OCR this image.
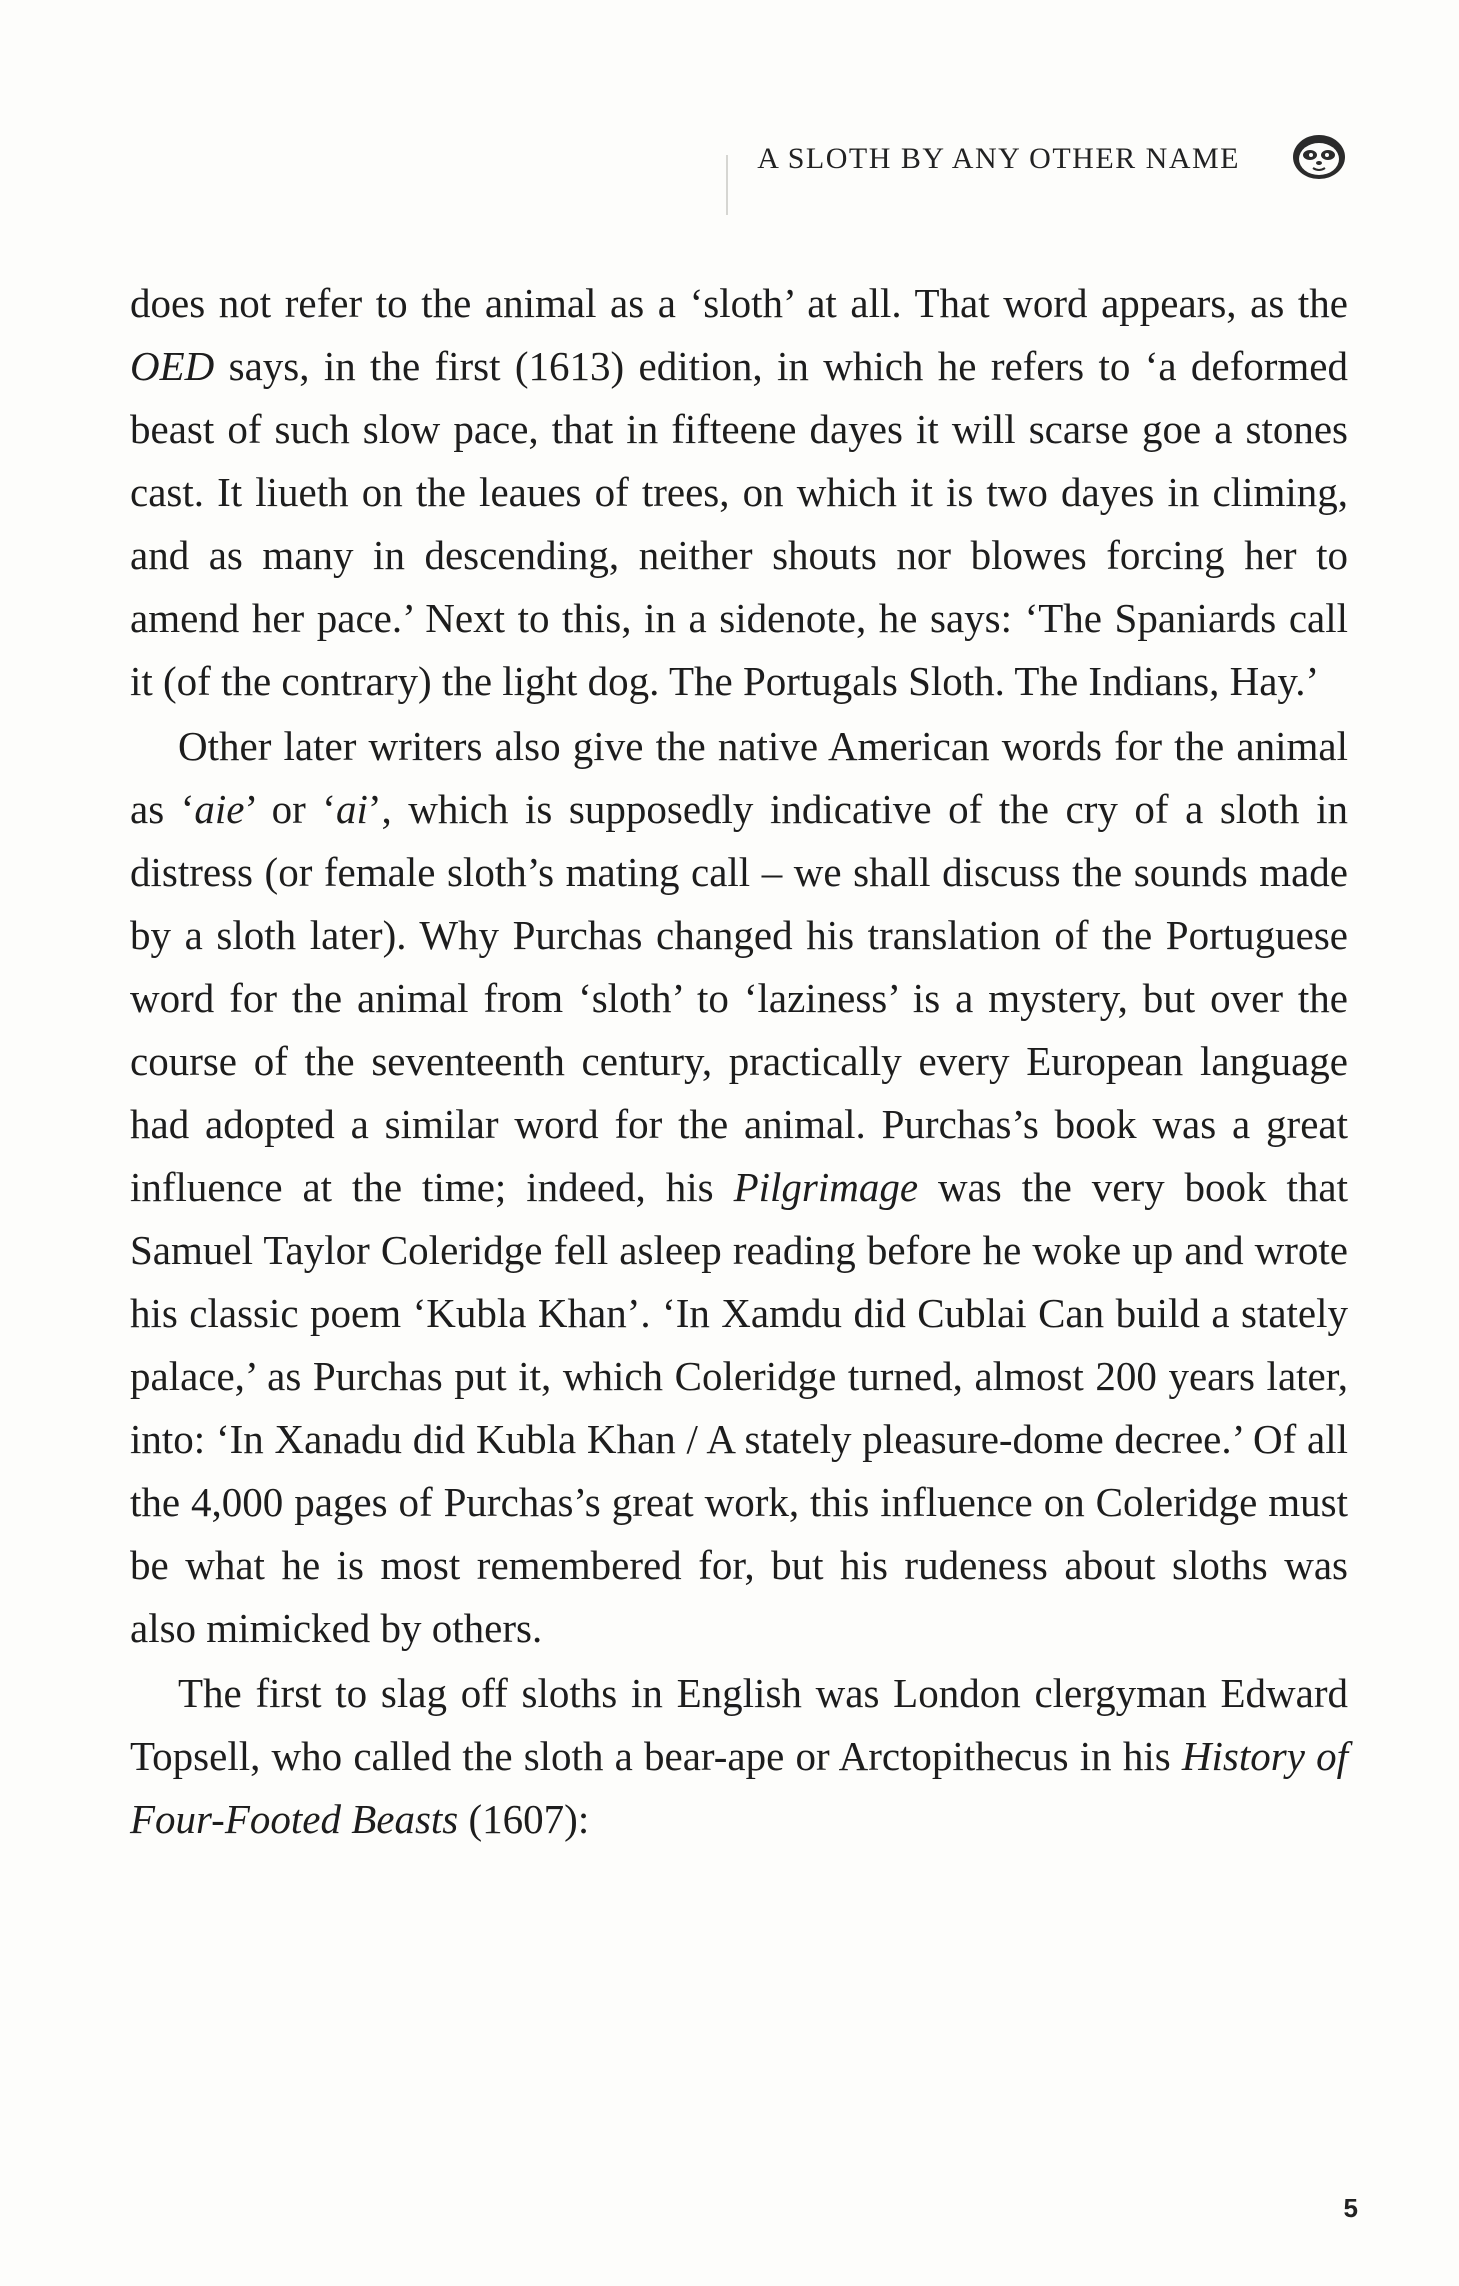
A SLOTH BY ANY OTHER NAME

does not refer to the animal as a ‘sloth’ at all. That word appears, as the OED says, in the first (1613) edition, in which he refers to ‘a deformed beast of such slow pace, that in fifteene dayes it will scarse goe a stones cast. It liueth on the leaues of trees, on which it is two dayes in climing, and as many in descending, neither shouts nor blowes forcing her to amend her pace.’ Next to this, in a sidenote, he says: ‘The Spaniards call it (of the contrary) the light dog. The Portugals Sloth. The Indians, Hay.’

Other later writers also give the native American words for the animal as ‘aie’ or ‘ai’, which is supposedly indicative of the cry of a sloth in distress (or female sloth’s mating call – we shall discuss the sounds made by a sloth later). Why Purchas changed his translation of the Portuguese word for the animal from ‘sloth’ to ‘laziness’ is a mystery, but over the course of the seventeenth century, practically every European language had adopted a similar word for the animal. Purchas’s book was a great influence at the time; indeed, his Pilgrimage was the very book that Samuel Taylor Coleridge fell asleep reading before he woke up and wrote his classic poem ‘Kubla Khan’. ‘In Xamdu did Cublai Can build a stately palace,’ as Purchas put it, which Coleridge turned, almost 200 years later, into: ‘In Xanadu did Kubla Khan / A stately pleasure-dome decree.’ Of all the 4,000 pages of Purchas’s great work, this influence on Coleridge must be what he is most remembered for, but his rudeness about sloths was also mimicked by others.

The first to slag off sloths in English was London clergyman Edward Topsell, who called the sloth a bear-ape or Arctopithecus in his History of Four-Footed Beasts (1607):

5
